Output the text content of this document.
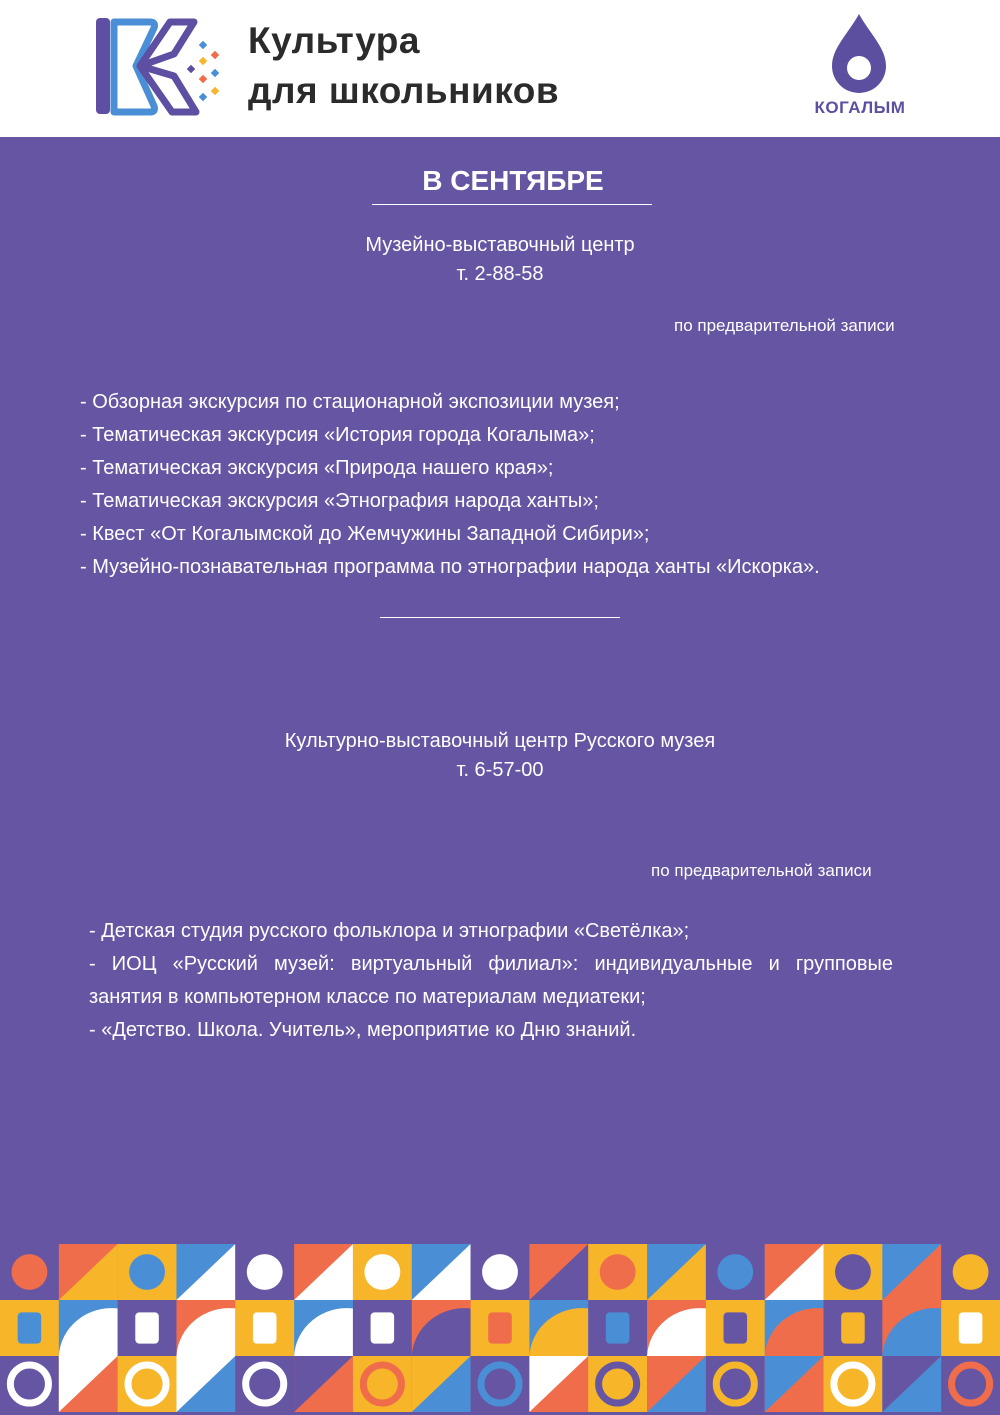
Культура
для школьников	КОГАЛЫМ
В СЕНТЯБРЕ
Музейно-выставочный центр
т. 2-88-58
по предварительной записи
- Обзорная экскурсия по стационарной экспозиции музея;
- Тематическая экскурсия «История города Когалыма»;
- Тематическая экскурсия «Природа нашего края»;
- Тематическая экскурсия «Этнография народа ханты»;
- Квест «От Когалымской до Жемчужины Западной Сибири»;
- Музейно-познавательная программа по этнографии народа ханты «Искорка».
Культурно-выставочный центр Русского музея
т. 6-57-00
по предварительной записи
- Детская студия русского фольклора и этнографии «Светёлка»;
- ИОЦ «Русский музей: виртуальный филиал»: индивидуальные и групповые
занятия в компьютерном классе по материалам медиатеки;
- «Детство. Школа. Учитель», мероприятие ко Дню знаний.
